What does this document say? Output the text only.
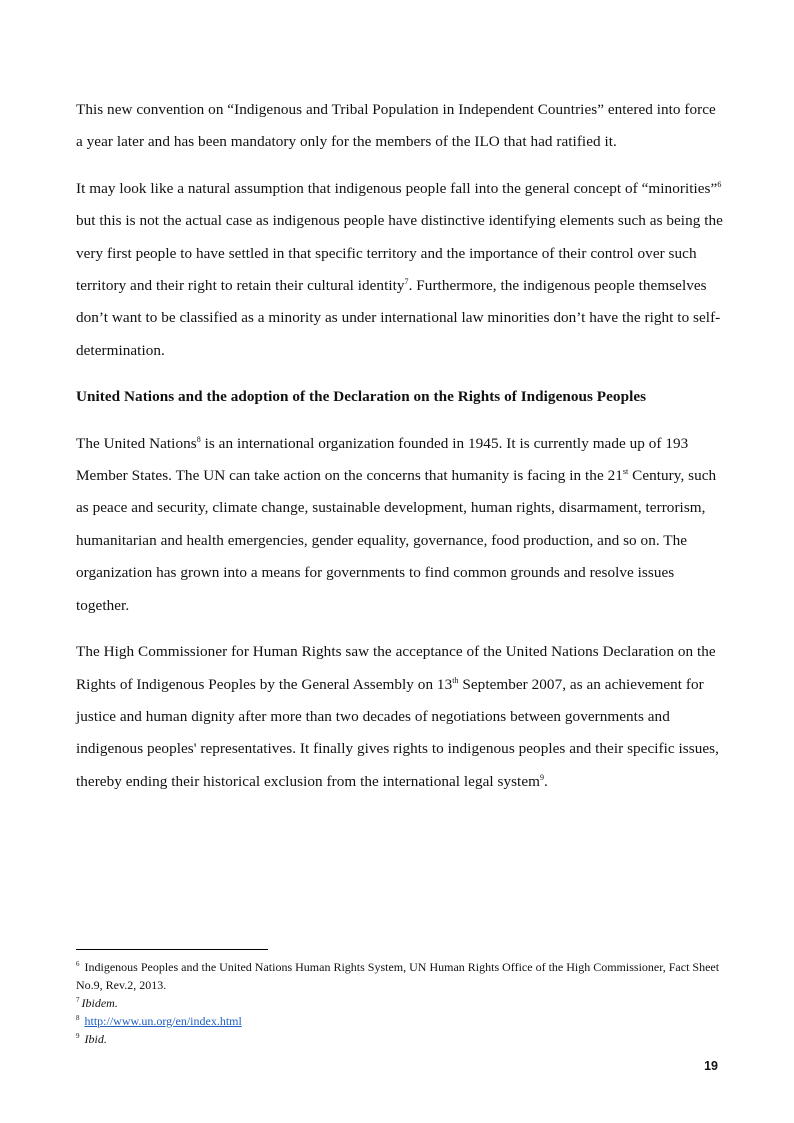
This new convention on “Indigenous and Tribal Population in Independent Countries” entered into force a year later and has been mandatory only for the members of the ILO that had ratified it.

It may look like a natural assumption that indigenous people fall into the general concept of “minorities”$^6$ but this is not the actual case as indigenous people have distinctive identifying elements such as being the very first people to have settled in that specific territory and the importance of their control over such territory and their right to retain their cultural identity$^7$. Furthermore, the indigenous people themselves don’t want to be classified as a minority as under international law minorities don’t have the right to self-determination.

United Nations and the adoption of the Declaration on the Rights of Indigenous Peoples

The United Nations$^8$ is an international organization founded in 1945. It is currently made up of 193 Member States. The UN can take action on the concerns that humanity is facing in the 21st Century, such as peace and security, climate change, sustainable development, human rights, disarmament, terrorism, humanitarian and health emergencies, gender equality, governance, food production, and so on. The organization has grown into a means for governments to find common grounds and resolve issues together.

The High Commissioner for Human Rights saw the acceptance of the United Nations Declaration on the Rights of Indigenous Peoples by the General Assembly on 13th September 2007, as an achievement for justice and human dignity after more than two decades of negotiations between governments and indigenous peoples' representatives. It finally gives rights to indigenous peoples and their specific issues, thereby ending their historical exclusion from the international legal system$^9$.

$^6$ Indigenous Peoples and the United Nations Human Rights System, UN Human Rights Office of the High Commissioner, Fact Sheet No.9, Rev.2, 2013.

$^7$ Ibidem.

$^8$ http://www.un.org/en/index.html

$^9$ Ibid.

19
